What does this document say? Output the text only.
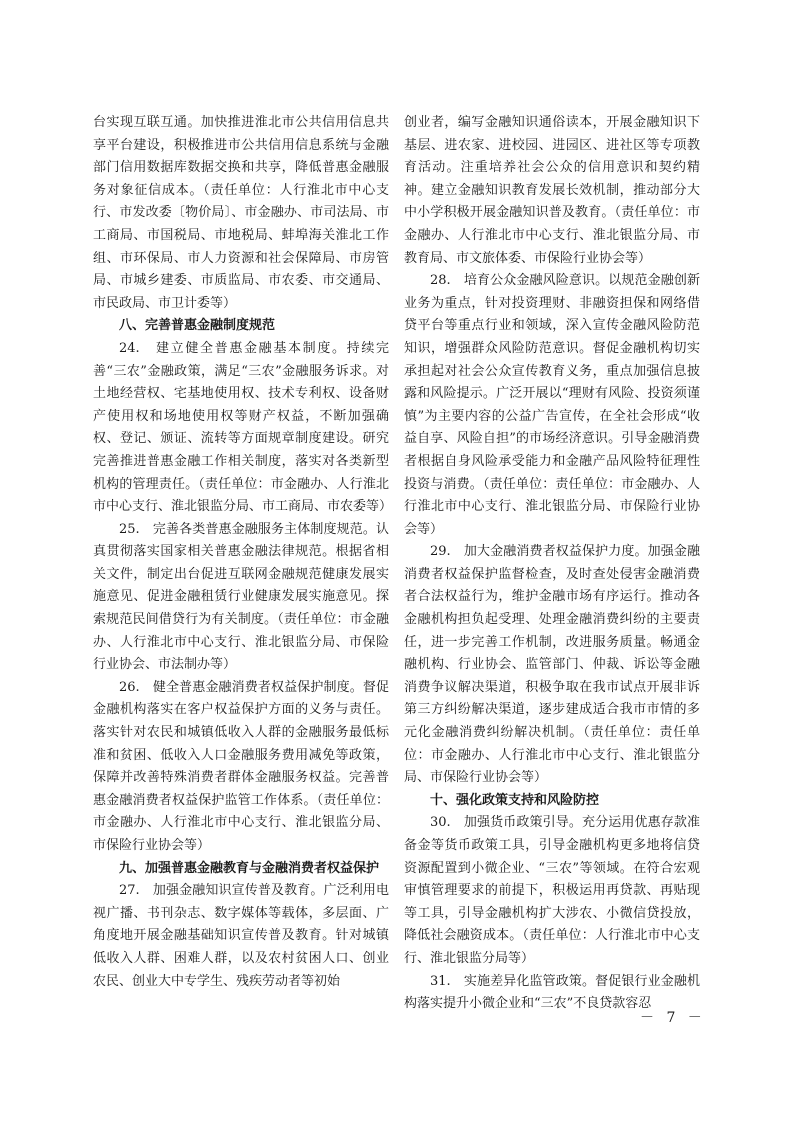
台实现互联互通。加快推进淮北市公共信用信息共享平台建设，积极推进市公共信用信息系统与金融部门信用数据库数据交换和共享，降低普惠金融服务对象征信成本。（责任单位：人行淮北市中心支行、市发改委〔物价局〕、市金融办、市司法局、市工商局、市国税局、市地税局、蚌埠海关淮北工作组、市环保局、市人力资源和社会保障局、市房管局、市城乡建委、市质监局、市农委、市交通局、市民政局、市卫计委等）

八、完善普惠金融制度规范

24.　建立健全普惠金融基本制度。持续完善“三农”金融政策，满足“三农”金融服务诉求。对土地经营权、宅基地使用权、技术专利权、设备财产使用权和场地使用权等财产权益，不断加强确权、登记、颁证、流转等方面规章制度建设。研究完善推进普惠金融工作相关制度，落实对各类新型机构的管理责任。（责任单位：市金融办、人行淮北市中心支行、淮北银监分局、市工商局、市农委等）

25.　完善各类普惠金融服务主体制度规范。认真贯彻落实国家相关普惠金融法律规范。根据省相关文件，制定出台促进互联网金融规范健康发展实施意见、促进金融租赁行业健康发展实施意见。探索规范民间借贷行为有关制度。（责任单位：市金融办、人行淮北市中心支行、淮北银监分局、市保险行业协会、市法制办等）

26.　健全普惠金融消费者权益保护制度。督促金融机构落实在客户权益保护方面的义务与责任。落实针对农民和城镇低收入人群的金融服务最低标准和贫困、低收入人口金融服务费用减免等政策，保障并改善特殊消费者群体金融服务权益。完善普惠金融消费者权益保护监管工作体系。（责任单位：市金融办、人行淮北市中心支行、淮北银监分局、市保险行业协会等）

九、加强普惠金融教育与金融消费者权益保护

27.　加强金融知识宣传普及教育。广泛利用电视广播、书刊杂志、数字媒体等载体，多层面、广角度地开展金融基础知识宣传普及教育。针对城镇低收入人群、困难人群，以及农村贫困人口、创业农民、创业大中专学生、残疾劳动者等初始

创业者，编写金融知识通俗读本，开展金融知识下基层、进农家、进校园、进园区、进社区等专项教育活动。注重培养社会公众的信用意识和契约精神。建立金融知识教育发展长效机制，推动部分大中小学积极开展金融知识普及教育。（责任单位：市金融办、人行淮北市中心支行、淮北银监分局、市教育局、市文旅体委、市保险行业协会等）

28.　培育公众金融风险意识。以规范金融创新业务为重点，针对投资理财、非融资担保和网络借贷平台等重点行业和领域，深入宣传金融风险防范知识，增强群众风险防范意识。督促金融机构切实承担起对社会公众宣传教育义务，重点加强信息披露和风险提示。广泛开展以“理财有风险、投资须谨慎”为主要内容的公益广告宣传，在全社会形成“收益自享、风险自担”的市场经济意识。引导金融消费者根据自身风险承受能力和金融产品风险特征理性投资与消费。（责任单位：责任单位：市金融办、人行淮北市中心支行、淮北银监分局、市保险行业协会等）

29.　加大金融消费者权益保护力度。加强金融消费者权益保护监督检查，及时查处侵害金融消费者合法权益行为，维护金融市场有序运行。推动各金融机构担负起受理、处理金融消费纠纷的主要责任，进一步完善工作机制，改进服务质量。畅通金融机构、行业协会、监管部门、仲裁、诉讼等金融消费争议解决渠道，积极争取在我市试点开展非诉第三方纠纷解决渠道，逐步建成适合我市市情的多元化金融消费纠纷解决机制。（责任单位：责任单位：市金融办、人行淮北市中心支行、淮北银监分局、市保险行业协会等）

十、强化政策支持和风险防控

30.　加强货币政策引导。充分运用优惠存款准备金等货币政策工具，引导金融机构更多地将信贷资源配置到小微企业、“三农”等领域。在符合宏观审慎管理要求的前提下，积极运用再贷款、再贴现等工具，引导金融机构扩大涉农、小微信贷投放，降低社会融资成本。（责任单位：人行淮北市中心支行、淮北银监分局等）

31.　实施差异化监管政策。督促银行业金融机构落实提升小微企业和“三农”不良贷款容忍

－ 7 －
